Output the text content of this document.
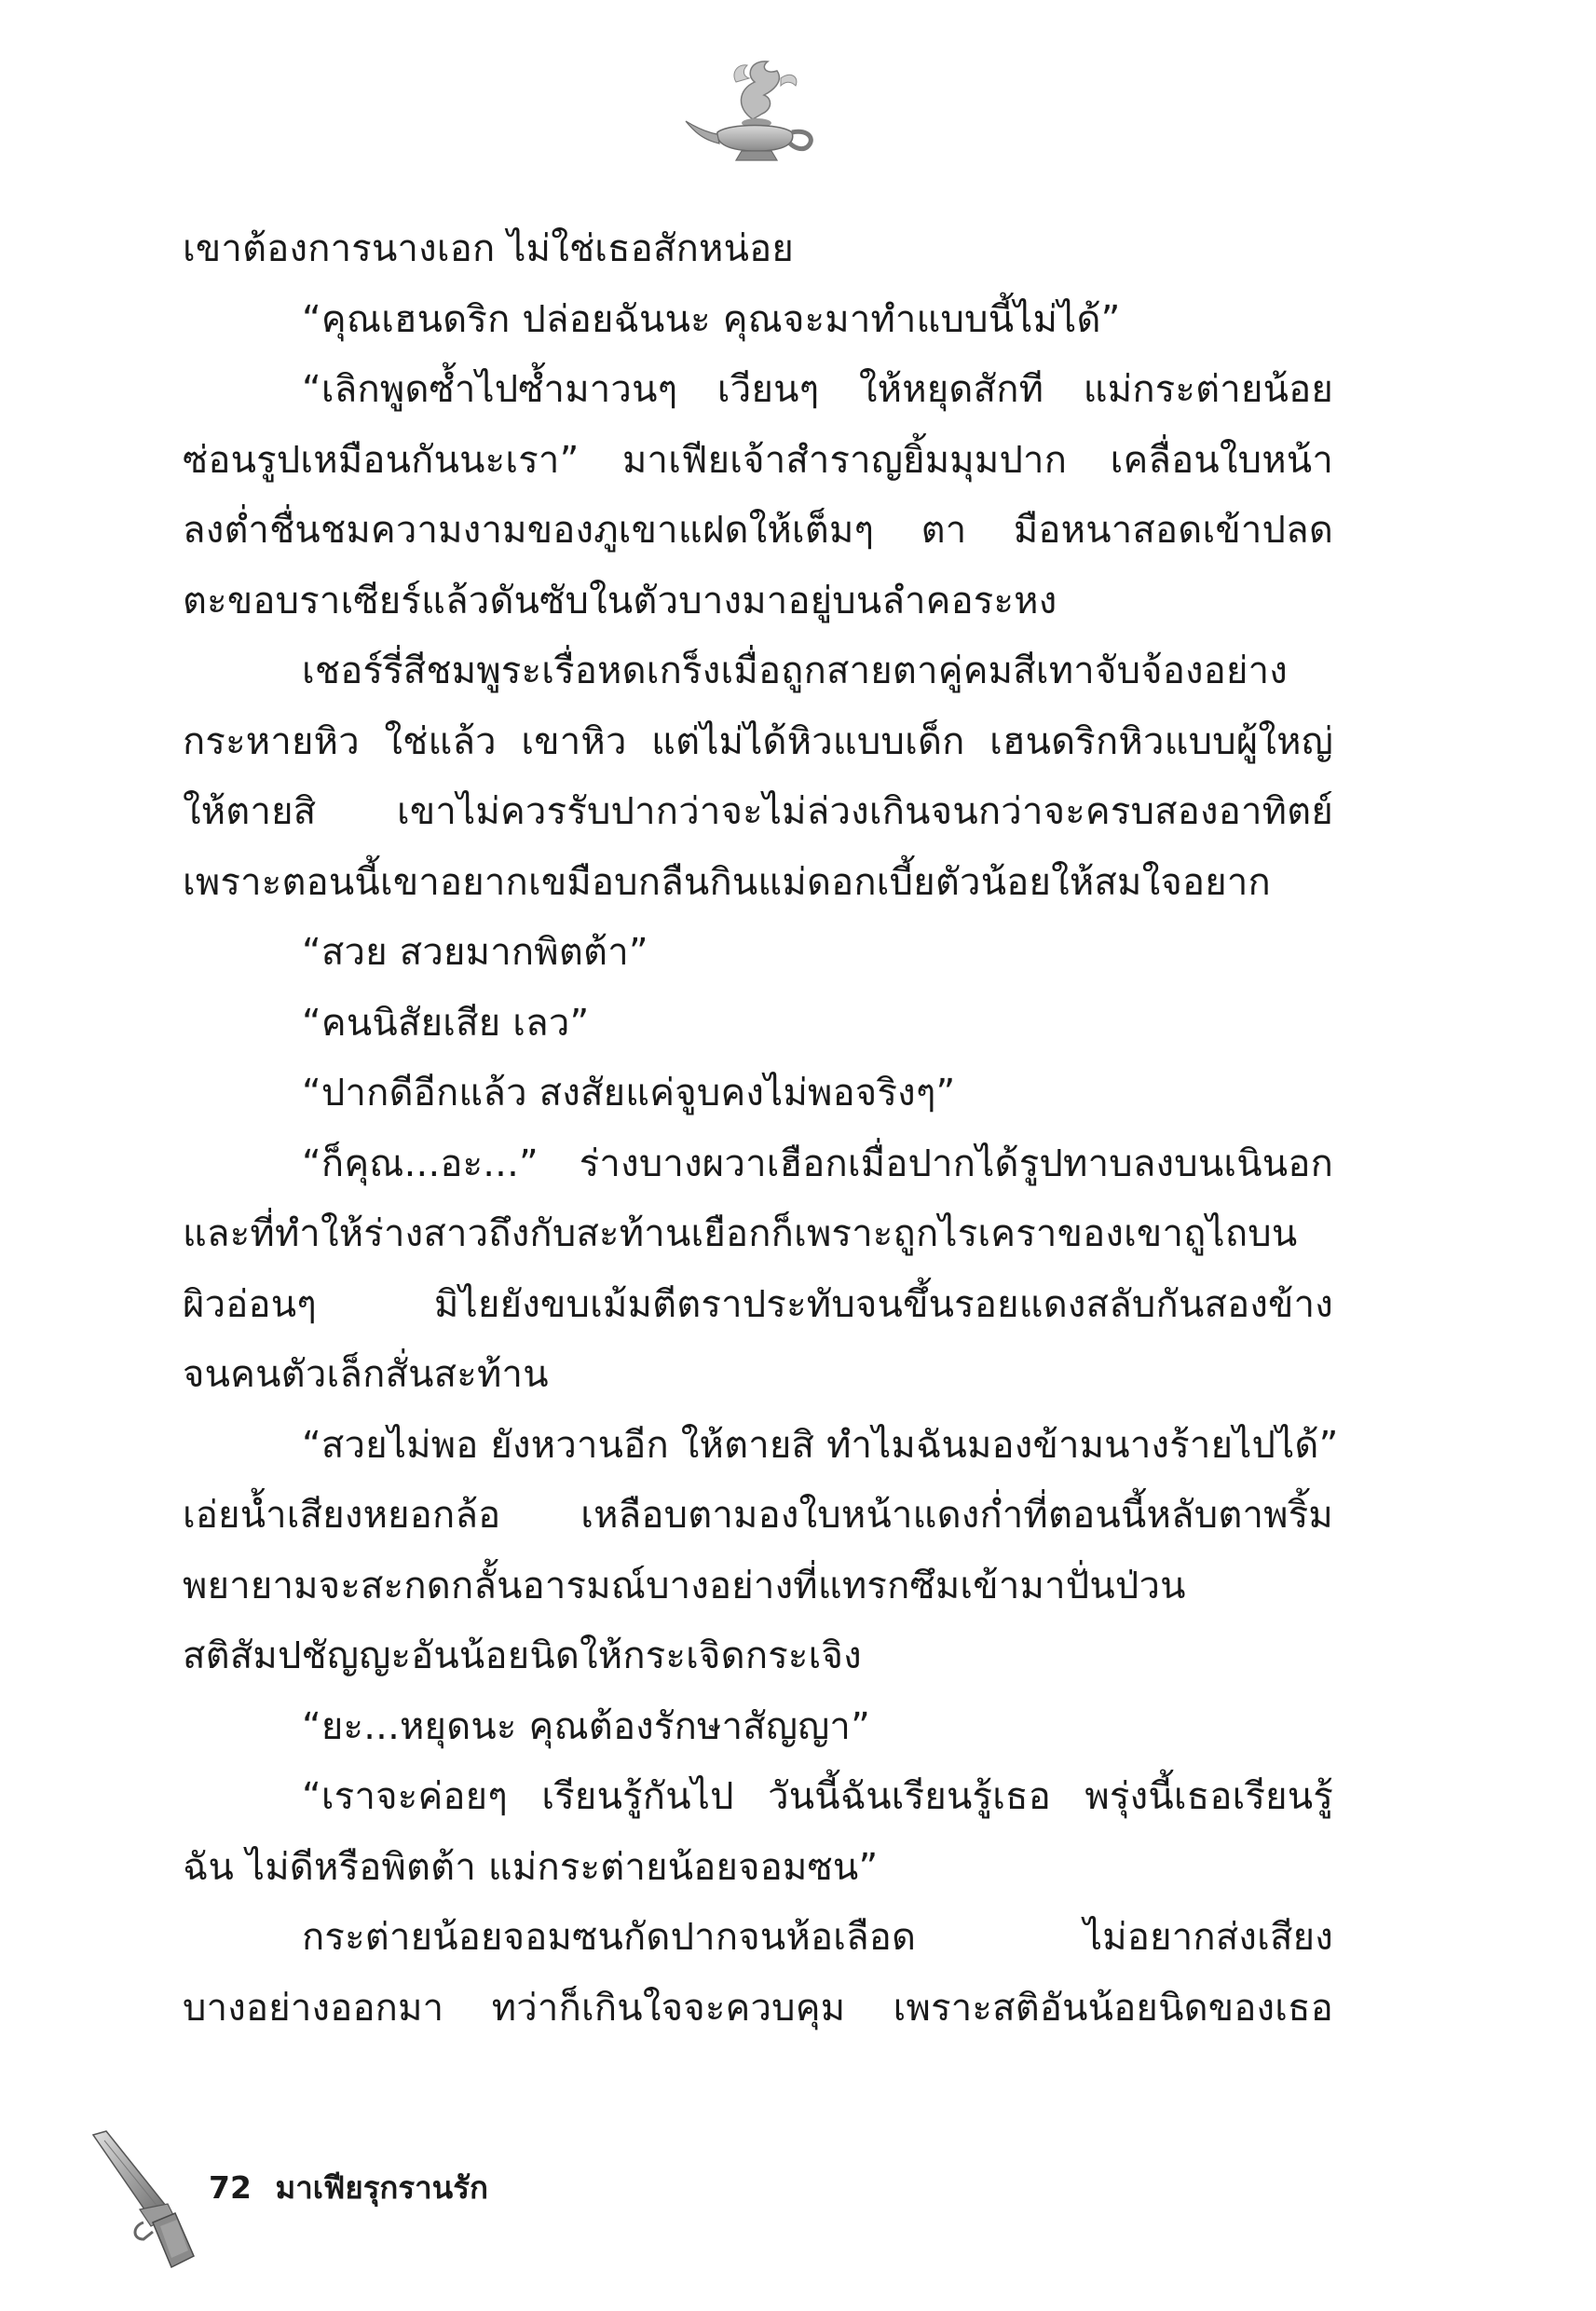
เขาต้องการนางเอก ไม่ใช่เธอสักหน่อย
“คุณเฮนดริก ปล่อยฉันนะ คุณจะมาทำแบบนี้ไม่ได้”
“เลิกพูดซ้ำไปซ้ำมาวนๆ เวียนๆ ให้หยุดสักที แม่กระต่ายน้อย
ซ่อนรูปเหมือนกันนะเรา” มาเฟียเจ้าสำราญยิ้มมุมปาก เคลื่อนใบหน้า
ลงต่ำชื่นชมความงามของภูเขาแฝดให้เต็มๆ ตา มือหนาสอดเข้าปลด
ตะขอบราเซียร์แล้วดันซับในตัวบางมาอยู่บนลำคอระหง
เชอร์รี่สีชมพูระเรื่อหดเกร็งเมื่อถูกสายตาคู่คมสีเทาจับจ้องอย่าง
กระหายหิว ใช่แล้ว เขาหิว แต่ไม่ได้หิวแบบเด็ก เฮนดริกหิวแบบผู้ใหญ่
ให้ตายสิ เขาไม่ควรรับปากว่าจะไม่ล่วงเกินจนกว่าจะครบสองอาทิตย์
เพราะตอนนี้เขาอยากเขมือบกลืนกินแม่ดอกเบี้ยตัวน้อยให้สมใจอยาก
“สวย สวยมากพิตต้า”
“คนนิสัยเสีย เลว”
“ปากดีอีกแล้ว สงสัยแค่จูบคงไม่พอจริงๆ”
“ก็คุณ...อะ...” ร่างบางผวาเฮือกเมื่อปากได้รูปทาบลงบนเนินอก
และที่ทำให้ร่างสาวถึงกับสะท้านเยือกก็เพราะถูกไรเคราของเขาถูไถบน
ผิวอ่อนๆ มิไยยังขบเม้มตีตราประทับจนขึ้นรอยแดงสลับกันสองข้าง
จนคนตัวเล็กสั่นสะท้าน
“สวยไม่พอ ยังหวานอีก ให้ตายสิ ทำไมฉันมองข้ามนางร้ายไปได้”
เอ่ยน้ำเสียงหยอกล้อ เหลือบตามองใบหน้าแดงก่ำที่ตอนนี้หลับตาพริ้ม
พยายามจะสะกดกลั้นอารมณ์บางอย่างที่แทรกซึมเข้ามาปั่นป่วน
สติสัมปชัญญะอันน้อยนิดให้กระเจิดกระเจิง
“ยะ...หยุดนะ คุณต้องรักษาสัญญา”
“เราจะค่อยๆ เรียนรู้กันไป วันนี้ฉันเรียนรู้เธอ พรุ่งนี้เธอเรียนรู้
ฉัน ไม่ดีหรือพิตต้า แม่กระต่ายน้อยจอมซน”
กระต่ายน้อยจอมซนกัดปากจนห้อเลือด ไม่อยากส่งเสียง
บางอย่างออกมา ทว่าก็เกินใจจะควบคุม เพราะสติอันน้อยนิดของเธอ
72 มาเฟียรุกรานรัก
